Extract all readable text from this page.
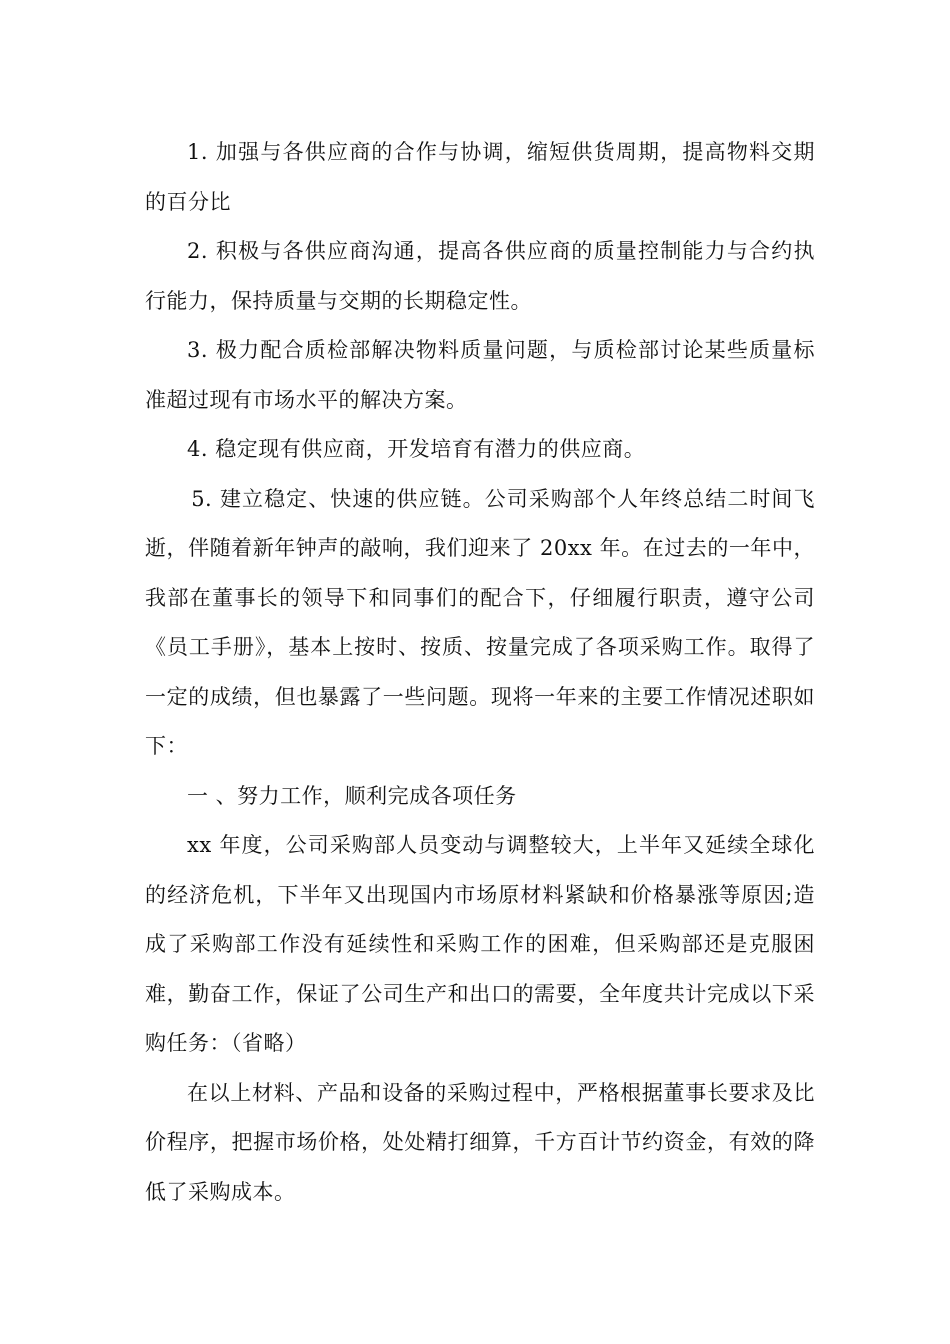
1. 加强与各供应商的合作与协调，缩短供货周期，提高物料交期的百分比

2. 积极与各供应商沟通，提高各供应商的质量控制能力与合约执行能力，保持质量与交期的长期稳定性。

3. 极力配合质检部解决物料质量问题，与质检部讨论某些质量标准超过现有市场水平的解决方案。

4. 稳定现有供应商，开发培育有潜力的供应商。

5. 建立稳定、快速的供应链。公司采购部个人年终总结二时间飞逝，伴随着新年钟声的敲响，我们迎来了 20xx 年。在过去的一年中，我部在董事长的领导下和同事们的配合下，仔细履行职责，遵守公司《员工手册》，基本上按时、按质、按量完成了各项采购工作。取得了一定的成绩，但也暴露了一些问题。现将一年来的主要工作情况述职如下：

一 、努力工作，顺利完成各项任务

xx 年度，公司采购部人员变动与调整较大，上半年又延续全球化的经济危机，下半年又出现国内市场原材料紧缺和价格暴涨等原因;造成了采购部工作没有延续性和采购工作的困难，但采购部还是克服困难，勤奋工作，保证了公司生产和出口的需要，全年度共计完成以下采购任务：（省略）

在以上材料、产品和设备的采购过程中，严格根据董事长要求及比价程序，把握市场价格，处处精打细算，千方百计节约资金，有效的降低了采购成本。
